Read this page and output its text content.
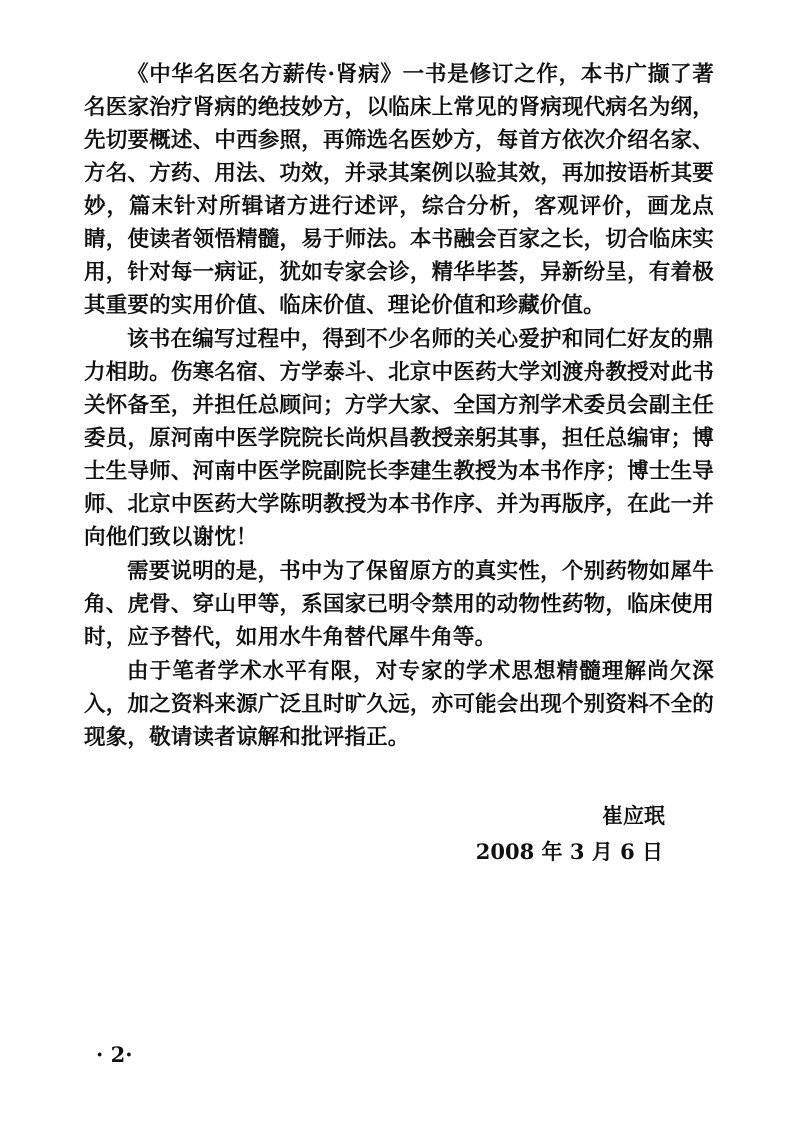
《中华名医名方薪传·肾病》一书是修订之作，本书广撷了著名医家治疗肾病的绝技妙方，以临床上常见的肾病现代病名为纲，先切要概述、中西参照，再筛选名医妙方，每首方依次介绍名家、方名、方药、用法、功效，并录其案例以验其效，再加按语析其要妙，篇末针对所辑诸方进行述评，综合分析，客观评价，画龙点睛，使读者领悟精髓，易于师法。本书融会百家之长，切合临床实用，针对每一病证，犹如专家会诊，精华毕荟，异新纷呈，有着极其重要的实用价值、临床价值、理论价值和珍藏价值。

该书在编写过程中，得到不少名师的关心爱护和同仁好友的鼎力相助。伤寒名宿、方学泰斗、北京中医药大学刘渡舟教授对此书关怀备至，并担任总顾问；方学大家、全国方剂学术委员会副主任委员，原河南中医学院院长尚炽昌教授亲躬其事，担任总编审；博士生导师、河南中医学院副院长李建生教授为本书作序；博士生导师、北京中医药大学陈明教授为本书作序、并为再版序，在此一并向他们致以谢忱！

需要说明的是，书中为了保留原方的真实性，个别药物如犀牛角、虎骨、穿山甲等，系国家已明令禁用的动物性药物，临床使用时，应予替代，如用水牛角替代犀牛角等。

由于笔者学术水平有限，对专家的学术思想精髓理解尚欠深入，加之资料来源广泛且时旷久远，亦可能会出现个别资料不全的现象，敬请读者谅解和批评指正。

崔应珉
2008 年 3 月 6 日
· 2·
